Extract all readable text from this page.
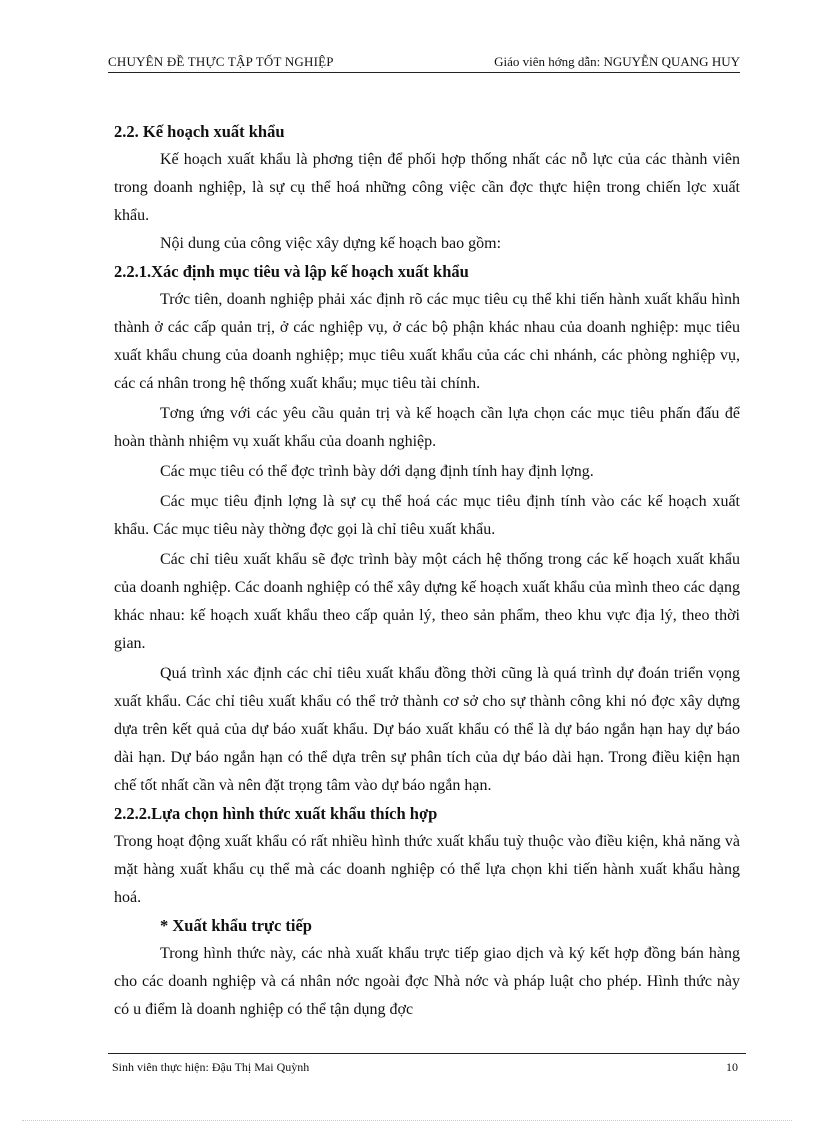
CHUYÊN ĐỀ THỰC TẬP TỐT NGHIỆP	Giáo viên hớng dẫn: NGUYỄN QUANG HUY

2.2. Kế hoạch xuất khẩu

Kế hoạch xuất khẩu là phơng tiện để phối hợp thống nhất các nỗ lực của các thành viên trong doanh nghiệp, là sự cụ thể hoá những công việc cần đợc thực hiện trong chiến lợc xuất khẩu.

Nội dung của công việc xây dựng kế hoạch bao gồm:

2.2.1.Xác định mục tiêu và lập kế hoạch xuất khẩu

Trớc tiên, doanh nghiệp phải xác định rõ các mục tiêu cụ thể khi tiến hành xuất khẩu hình thành ở các cấp quản trị, ở các nghiệp vụ, ở các bộ phận khác nhau của doanh nghiệp: mục tiêu xuất khẩu chung của doanh nghiệp; mục tiêu xuất khẩu của các chi nhánh, các phòng nghiệp vụ, các cá nhân trong hệ thống xuất khẩu; mục tiêu tài chính.

Tơng ứng với các yêu cầu quản trị và kế hoạch cần lựa chọn các mục tiêu phấn đấu để hoàn thành nhiệm vụ xuất khẩu của doanh nghiệp.

Các mục tiêu có thể đợc trình bày dới dạng định tính hay định lợng.

Các mục tiêu định lợng là sự cụ thể hoá các mục tiêu định tính vào các kế hoạch xuất khẩu. Các mục tiêu này thờng đợc gọi là chỉ tiêu xuất khẩu.

Các chỉ tiêu xuất khẩu sẽ đợc trình bày một cách hệ thống trong các kế hoạch xuất khẩu của doanh nghiệp. Các doanh nghiệp có thể xây dựng kế hoạch xuất khẩu của mình theo các dạng khác nhau: kế hoạch xuất khẩu theo cấp quản lý, theo sản phẩm, theo khu vực địa lý, theo thời gian.

Quá trình xác định các chỉ tiêu xuất khẩu đồng thời cũng là quá trình dự đoán triển vọng xuất khẩu. Các chỉ tiêu xuất khẩu có thể trở thành cơ sở cho sự thành công khi nó đợc xây dựng dựa trên kết quả của dự báo xuất khẩu. Dự báo xuất khẩu có thể là dự báo ngắn hạn hay dự báo dài hạn. Dự báo ngắn hạn có thể dựa trên sự phân tích của dự báo dài hạn. Trong điều kiện hạn chế tốt nhất cần và nên đặt trọng tâm vào dự báo ngắn hạn.

2.2.2.Lựa chọn hình thức xuất khẩu thích hợp

Trong hoạt động xuất khẩu có rất nhiều hình thức xuất khẩu tuỳ thuộc vào điều kiện, khả năng và mặt hàng xuất khẩu cụ thể mà các doanh nghiệp có thể lựa chọn khi tiến hành xuất khẩu hàng hoá.

* Xuất khẩu trực tiếp

Trong hình thức này, các nhà xuất khẩu trực tiếp giao dịch và ký kết hợp đồng bán hàng cho các doanh nghiệp và cá nhân nớc ngoài đợc Nhà nớc và pháp luật cho phép. Hình thức này có u điểm là doanh nghiệp có thể tận dụng đợc

Sinh viên thực hiện: Đậu Thị Mai Quỳnh	10
